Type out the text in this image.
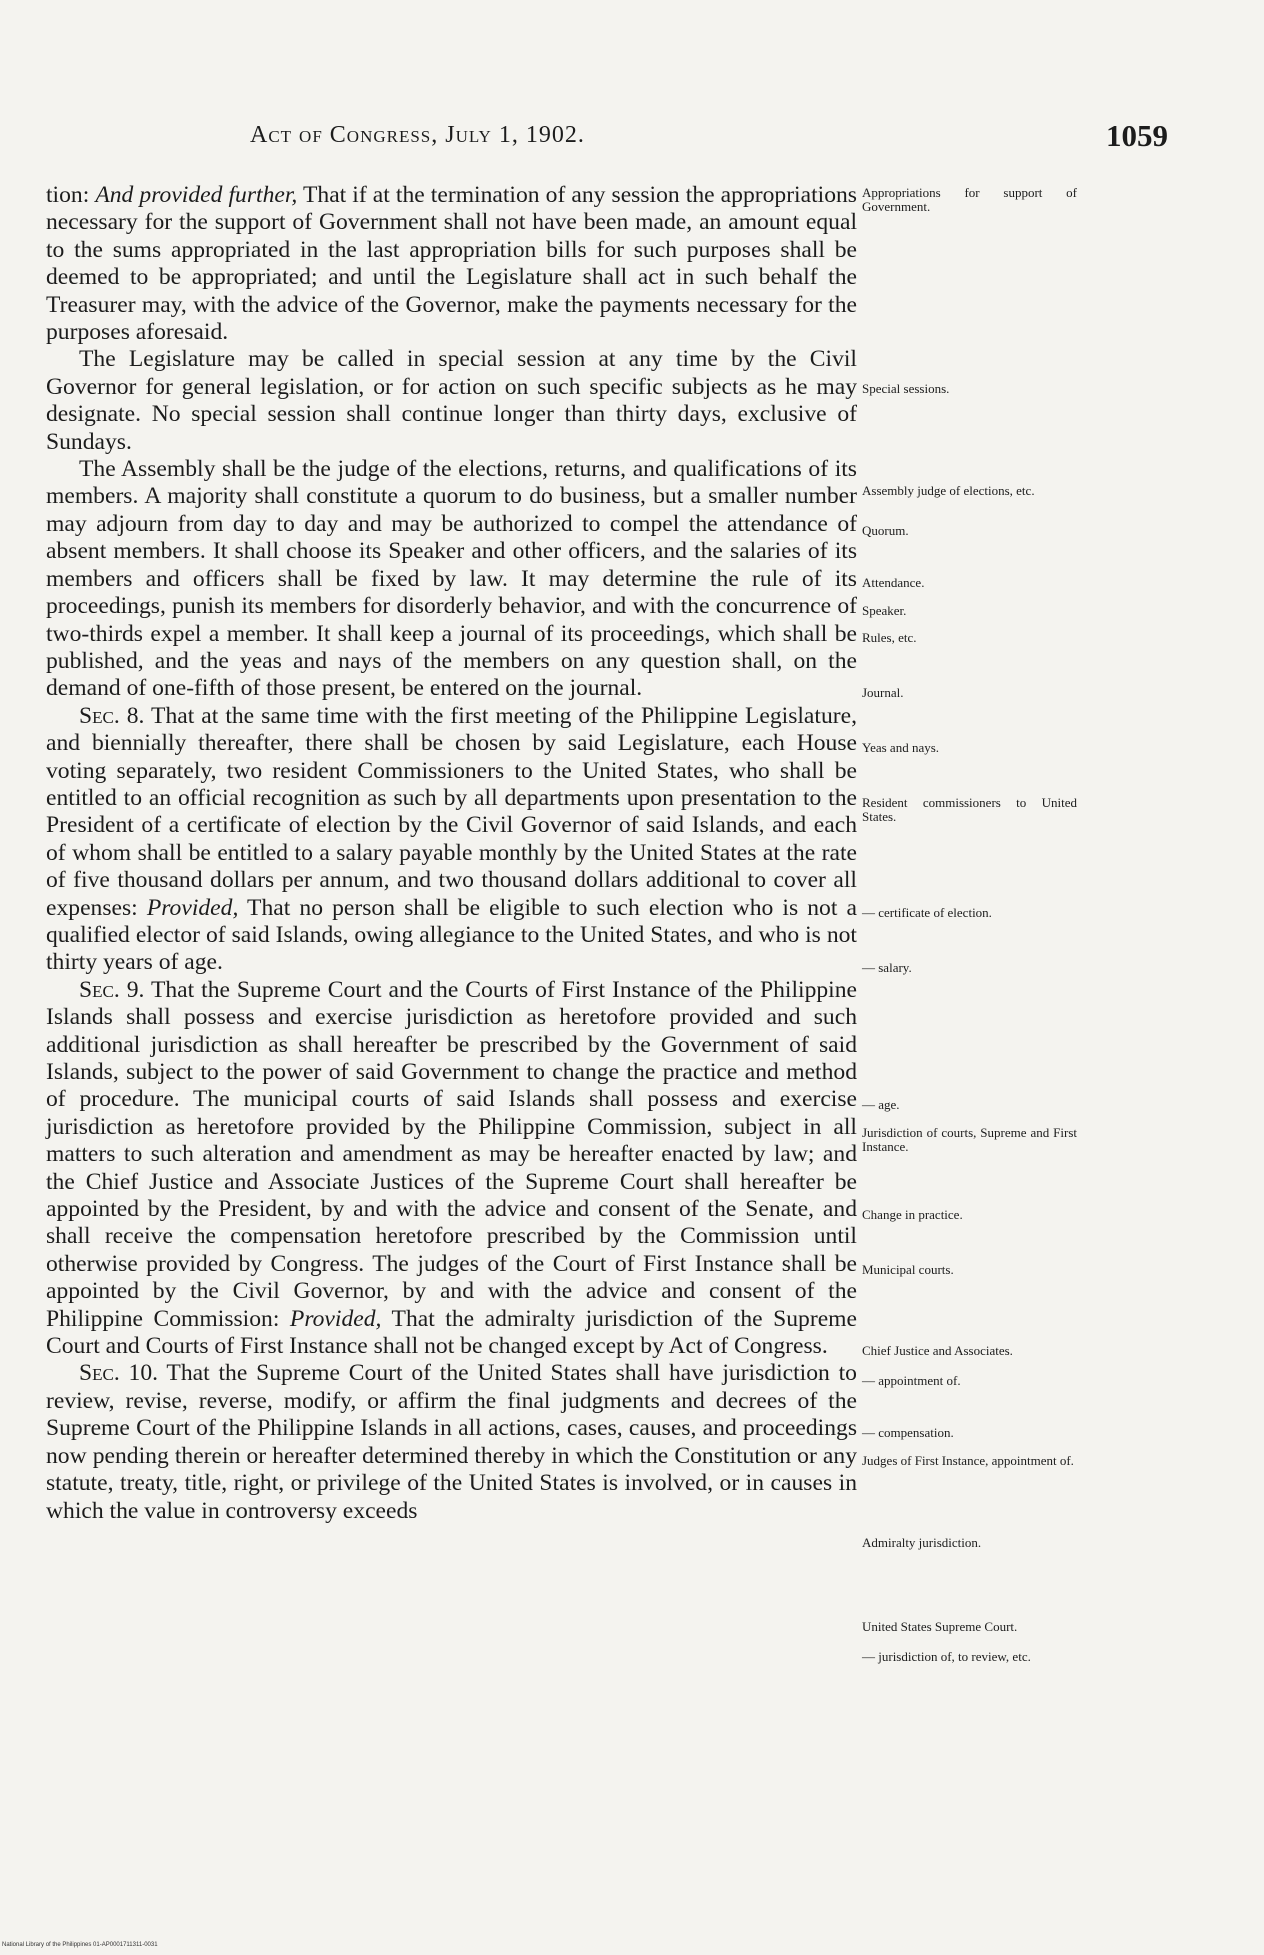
Act of Congress, July 1, 1902.	1059

tion: And provided further, That if at the termination of any session the appropriations necessary for the support of Government shall not have been made, an amount equal to the sums appropriated in the last appropriation bills for such purposes shall be deemed to be appropriated; and until the Legislature shall act in such behalf the Treasurer may, with the advice of the Governor, make the payments necessary for the purposes aforesaid.

The Legislature may be called in special session at any time by the Civil Governor for general legislation, or for action on such specific subjects as he may designate. No special session shall continue longer than thirty days, exclusive of Sundays.

The Assembly shall be the judge of the elections, returns, and qualifications of its members. A majority shall constitute a quorum to do business, but a smaller number may adjourn from day to day and may be authorized to compel the attendance of absent members. It shall choose its Speaker and other officers, and the salaries of its members and officers shall be fixed by law. It may determine the rule of its proceedings, punish its members for disorderly behavior, and with the concurrence of two-thirds expel a member. It shall keep a journal of its proceedings, which shall be published, and the yeas and nays of the members on any question shall, on the demand of one-fifth of those present, be entered on the journal.

Sec. 8. That at the same time with the first meeting of the Philippine Legislature, and biennially thereafter, there shall be chosen by said Legislature, each House voting separately, two resident Commissioners to the United States, who shall be entitled to an official recognition as such by all departments upon presentation to the President of a certificate of election by the Civil Governor of said Islands, and each of whom shall be entitled to a salary payable monthly by the United States at the rate of five thousand dollars per annum, and two thousand dollars additional to cover all expenses: Provided, That no person shall be eligible to such election who is not a qualified elector of said Islands, owing allegiance to the United States, and who is not thirty years of age.

Sec. 9. That the Supreme Court and the Courts of First Instance of the Philippine Islands shall possess and exercise jurisdiction as heretofore provided and such additional jurisdiction as shall hereafter be prescribed by the Government of said Islands, subject to the power of said Government to change the practice and method of procedure. The municipal courts of said Islands shall possess and exercise jurisdiction as heretofore provided by the Philippine Commission, subject in all matters to such alteration and amendment as may be hereafter enacted by law; and the Chief Justice and Associate Justices of the Supreme Court shall hereafter be appointed by the President, by and with the advice and consent of the Senate, and shall receive the compensation heretofore prescribed by the Commission until otherwise provided by Congress. The judges of the Court of First Instance shall be appointed by the Civil Governor, by and with the advice and consent of the Philippine Commission: Provided, That the admiralty jurisdiction of the Supreme Court and Courts of First Instance shall not be changed except by Act of Congress.

Sec. 10. That the Supreme Court of the United States shall have jurisdiction to review, revise, reverse, modify, or affirm the final judgments and decrees of the Supreme Court of the Philippine Islands in all actions, cases, causes, and proceedings now pending therein or hereafter determined thereby in which the Constitution or any statute, treaty, title, right, or privilege of the United States is involved, or in causes in which the value in controversy exceeds

Appropriations for support of Government.
Special sessions.
Assembly judge of elections, etc.
Quorum.
Attendance.
Speaker.
Rules, etc.
Journal.
Yeas and nays.
Resident commissioners to United States.
— certificate of election.
— salary.
— age.
Jurisdiction of courts, Supreme and First Instance.
Change in practice.
Municipal courts.
Chief Justice and Associates.
— appointment of.
— compensation.
Judges of First Instance, appointment of.
Admiralty jurisdiction.
United States Supreme Court.
— jurisdiction of, to review, etc.
National Library of the Philippines 01-AP0001711311-0031
